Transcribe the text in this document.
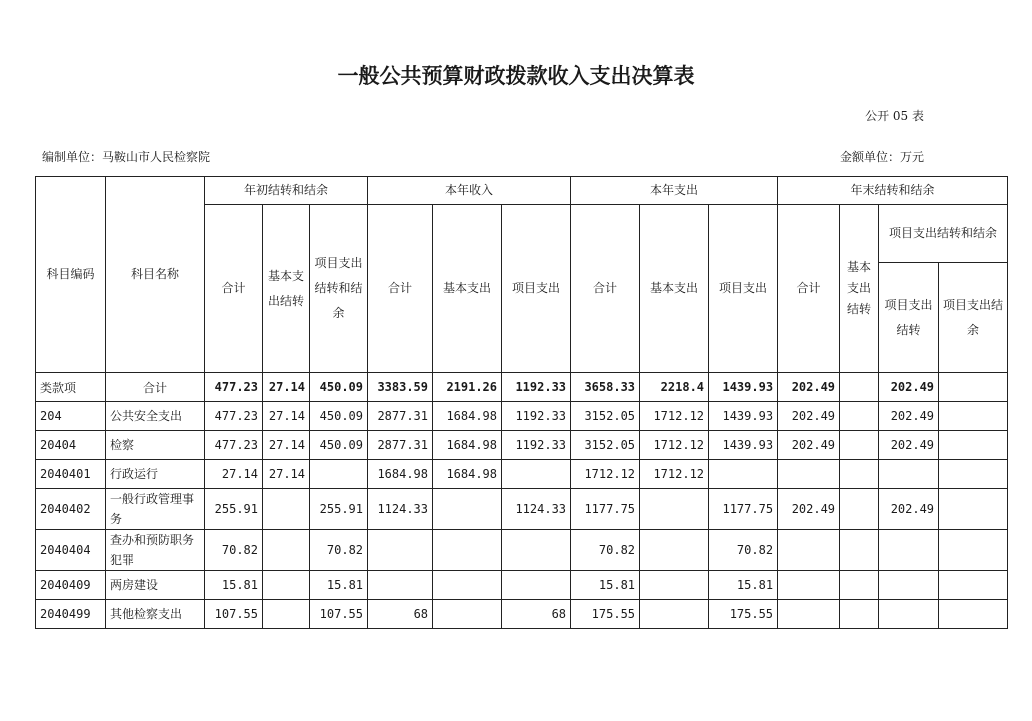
一般公共预算财政拨款收入支出决算表
公开 05 表
编制单位：马鞍山市人民检察院	金额单位：万元
科目编码	科目名称	年初结转和结余			本年收入			本年支出			年末结转和结余			
		合计	基本支出结转	项目支出结转和结余	合计	基本支出	项目支出	合计	基本支出	项目支出	合计	基本支出结转	项目支出结转和结余	
													项目支出结转	项目支出结余
类款项	合计	477.23	27.14	450.09	3383.59	2191.26	1192.33	3658.33	2218.4	1439.93	202.49		202.49	
204	公共安全支出	477.23	27.14	450.09	2877.31	1684.98	1192.33	3152.05	1712.12	1439.93	202.49		202.49	
20404	检察	477.23	27.14	450.09	2877.31	1684.98	1192.33	3152.05	1712.12	1439.93	202.49		202.49	
2040401	行政运行	27.14	27.14		1684.98	1684.98		1712.12	1712.12					
2040402	一般行政管理事务	255.91		255.91	1124.33		1124.33	1177.75		1177.75	202.49		202.49	
2040404	查办和预防职务犯罪	70.82		70.82				70.82		70.82				
2040409	两房建设	15.81		15.81				15.81		15.81				
2040499	其他检察支出	107.55		107.55	68		68	175.55		175.55				
